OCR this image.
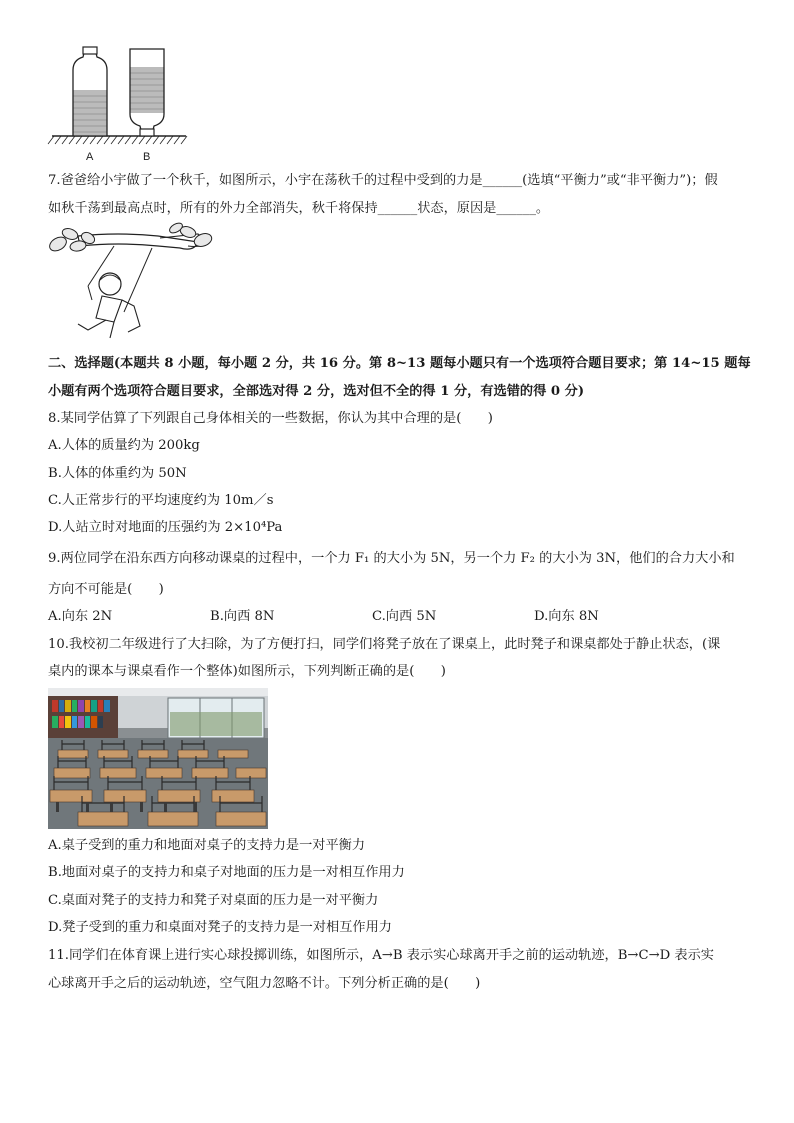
A	B
7.爸爸给小宇做了一个秋千，如图所示，小宇在荡秋千的过程中受到的力是______(选填“平衡力”或“非平衡力”)；假
如秋千荡到最高点时，所有的外力全部消失，秋千将保持______状态，原因是______。
二、选择题(本题共 8 小题，每小题 2 分，共 16 分。第 8~13 题每小题只有一个选项符合题目要求；第 14~15 题每
小题有两个选项符合题目要求，全部选对得 2 分，选对但不全的得 1 分，有选错的得 0 分)
8.某同学估算了下列跟自己身体相关的一些数据，你认为其中合理的是(　　)
A.人体的质量约为 200kg
B.人体的体重约为 50N
C.人正常步行的平均速度约为 10m／s
D.人站立时对地面的压强约为 2×10⁴Pa
9.两位同学在沿东西方向移动课桌的过程中，一个力 F₁ 的大小为 5N，另一个力 F₂ 的大小为 3N，他们的合力大小和
方向不可能是(　　)
A.向东 2N	B.向西 8N	C.向西 5N	D.向东 8N
10.我校初二年级进行了大扫除，为了方便打扫，同学们将凳子放在了课桌上，此时凳子和课桌都处于静止状态，(课
桌内的课本与课桌看作一个整体)如图所示，下列判断正确的是(　　)
A.桌子受到的重力和地面对桌子的支持力是一对平衡力
B.地面对桌子的支持力和桌子对地面的压力是一对相互作用力
C.桌面对凳子的支持力和凳子对桌面的压力是一对平衡力
D.凳子受到的重力和桌面对凳子的支持力是一对相互作用力
11.同学们在体育课上进行实心球投掷训练，如图所示，A→B 表示实心球离开手之前的运动轨迹，B→C→D 表示实
心球离开手之后的运动轨迹，空气阻力忽略不计。下列分析正确的是(　　)
